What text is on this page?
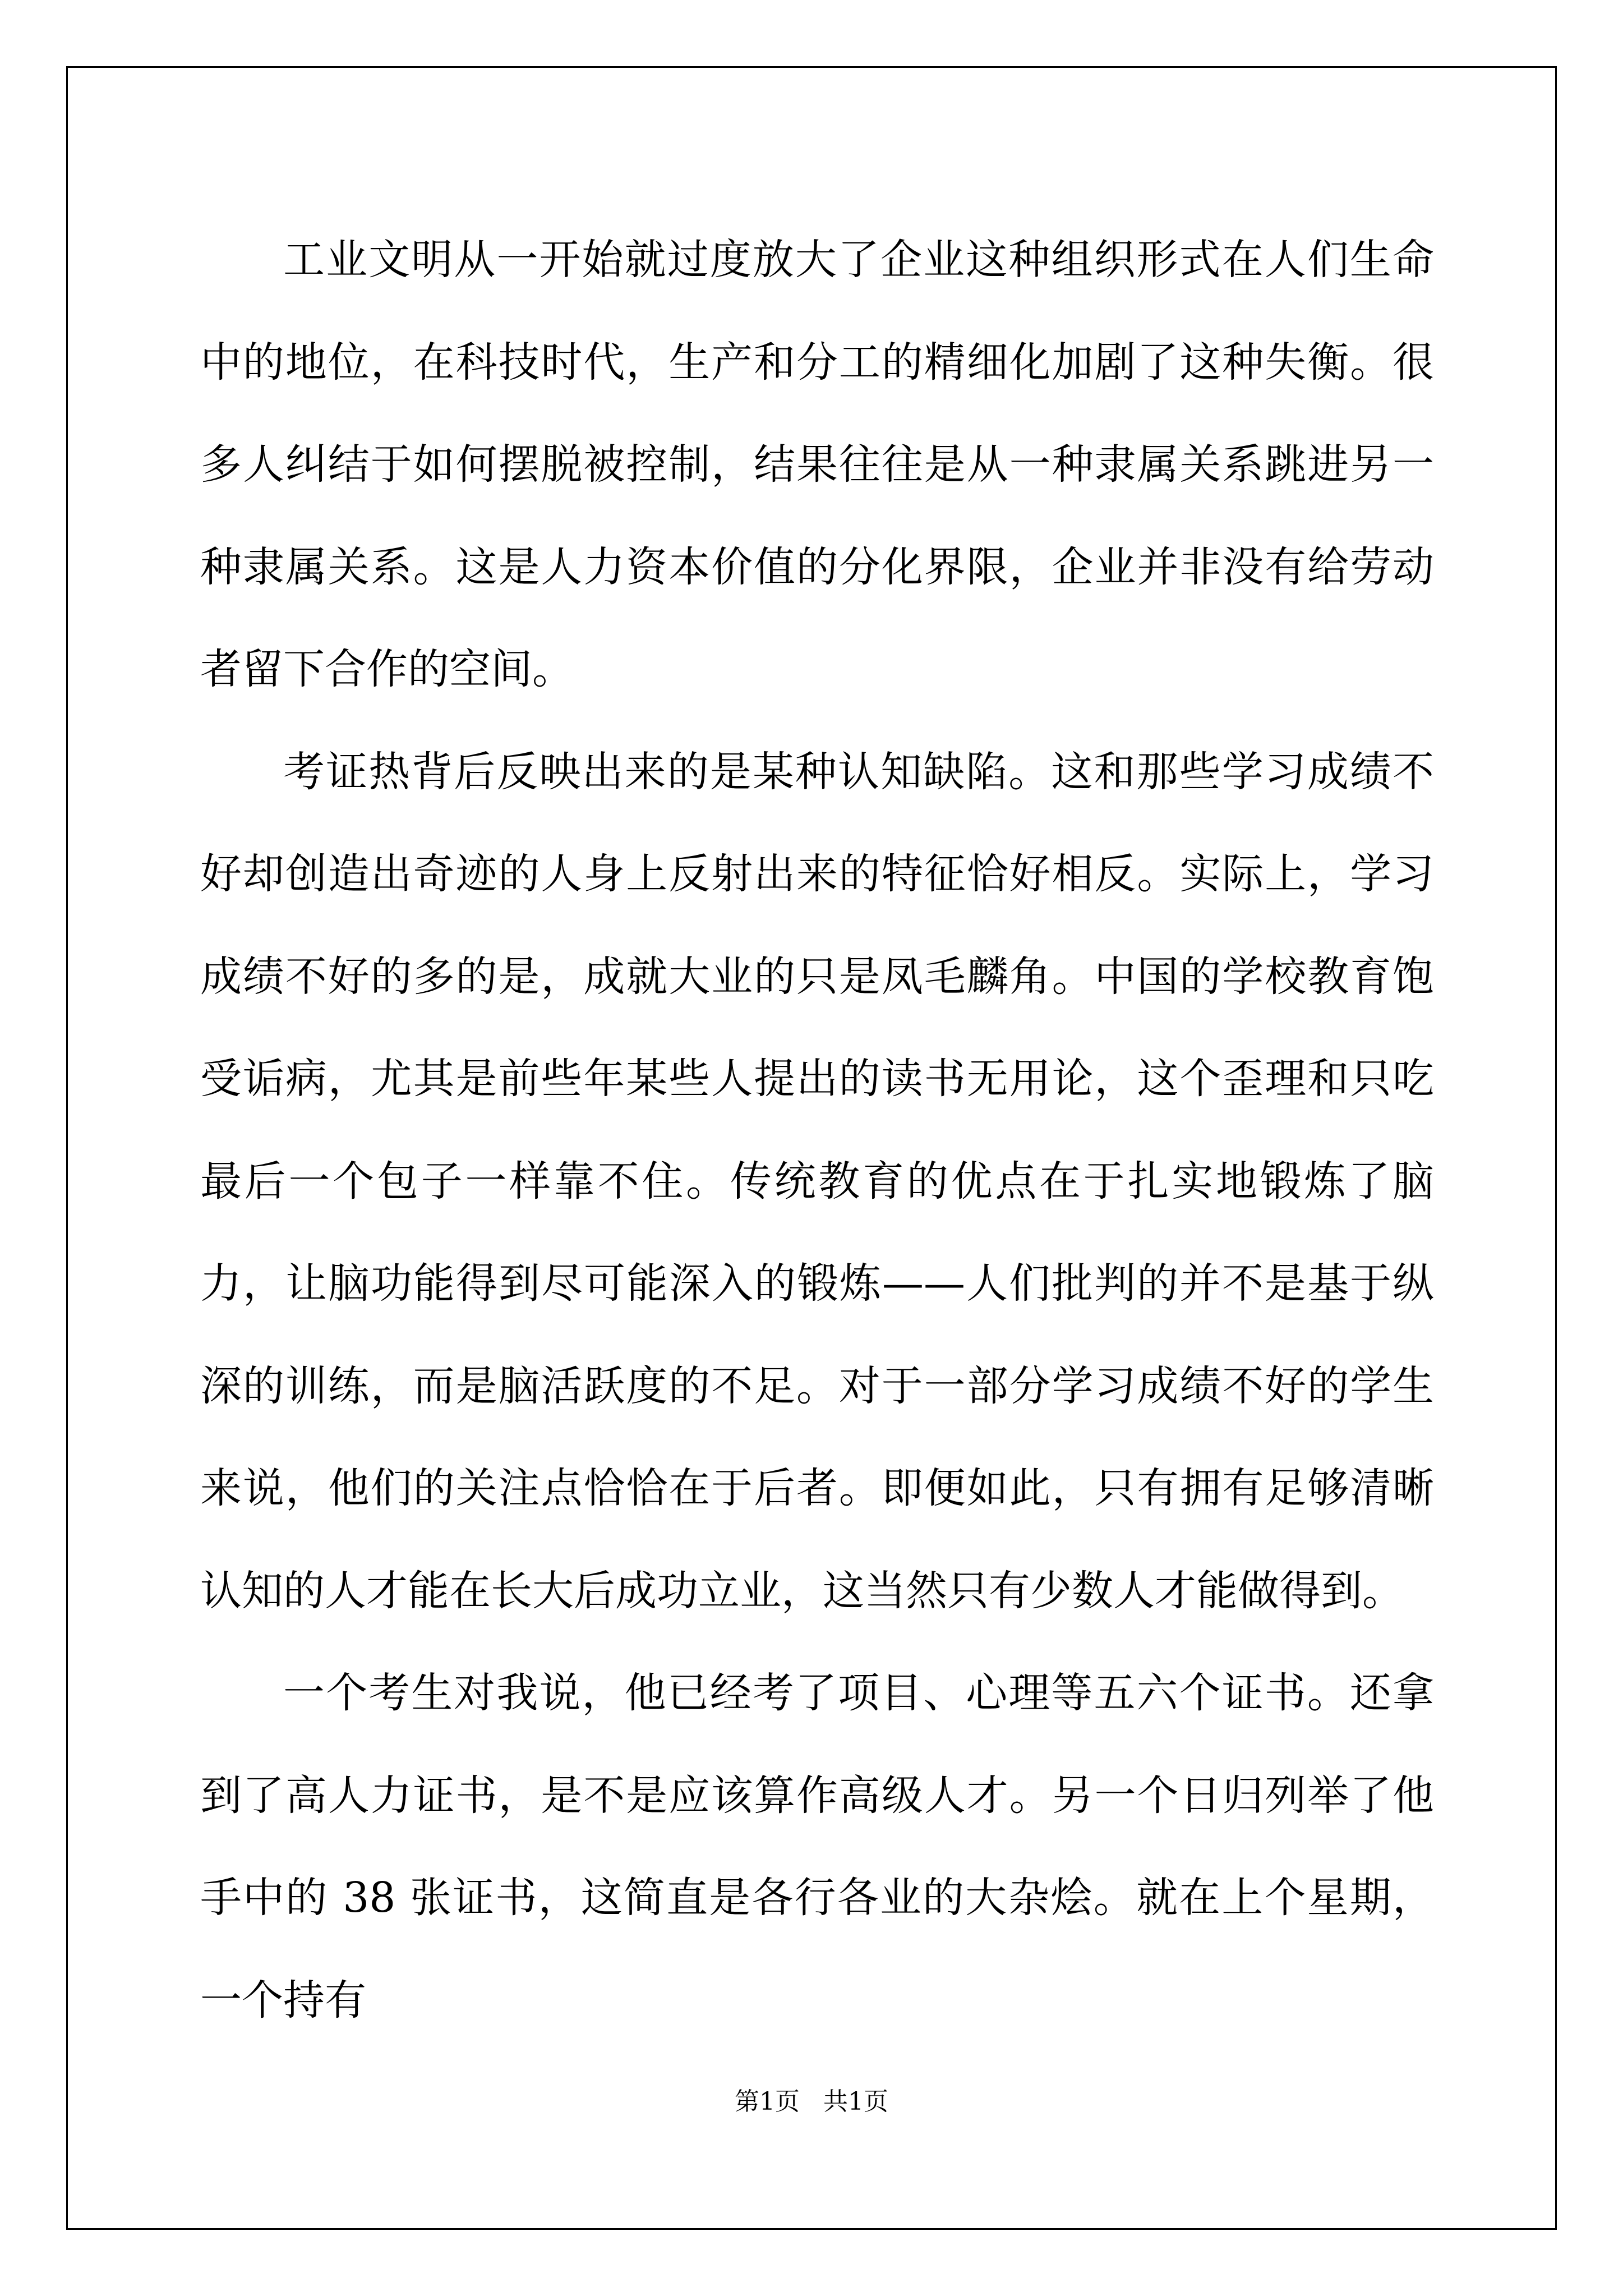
工业文明从一开始就过度放大了企业这种组织形式在人们生命中的地位，在科技时代，生产和分工的精细化加剧了这种失衡。很多人纠结于如何摆脱被控制，结果往往是从一种隶属关系跳进另一种隶属关系。这是人力资本价值的分化界限，企业并非没有给劳动者留下合作的空间。

考证热背后反映出来的是某种认知缺陷。这和那些学习成绩不好却创造出奇迹的人身上反射出来的特征恰好相反。实际上，学习成绩不好的多的是，成就大业的只是凤毛麟角。中国的学校教育饱受诟病，尤其是前些年某些人提出的读书无用论，这个歪理和只吃最后一个包子一样靠不住。传统教育的优点在于扎实地锻炼了脑力，让脑功能得到尽可能深入的锻炼——人们批判的并不是基于纵深的训练，而是脑活跃度的不足。对于一部分学习成绩不好的学生来说，他们的关注点恰恰在于后者。即便如此，只有拥有足够清晰认知的人才能在长大后成功立业，这当然只有少数人才能做得到。

一个考生对我说，他已经考了项目、心理等五六个证书。还拿到了高人力证书，是不是应该算作高级人才。另一个日归列举了他手中的 38 张证书，这简直是各行各业的大杂烩。就在上个星期，一个持有

第1页   共1页
